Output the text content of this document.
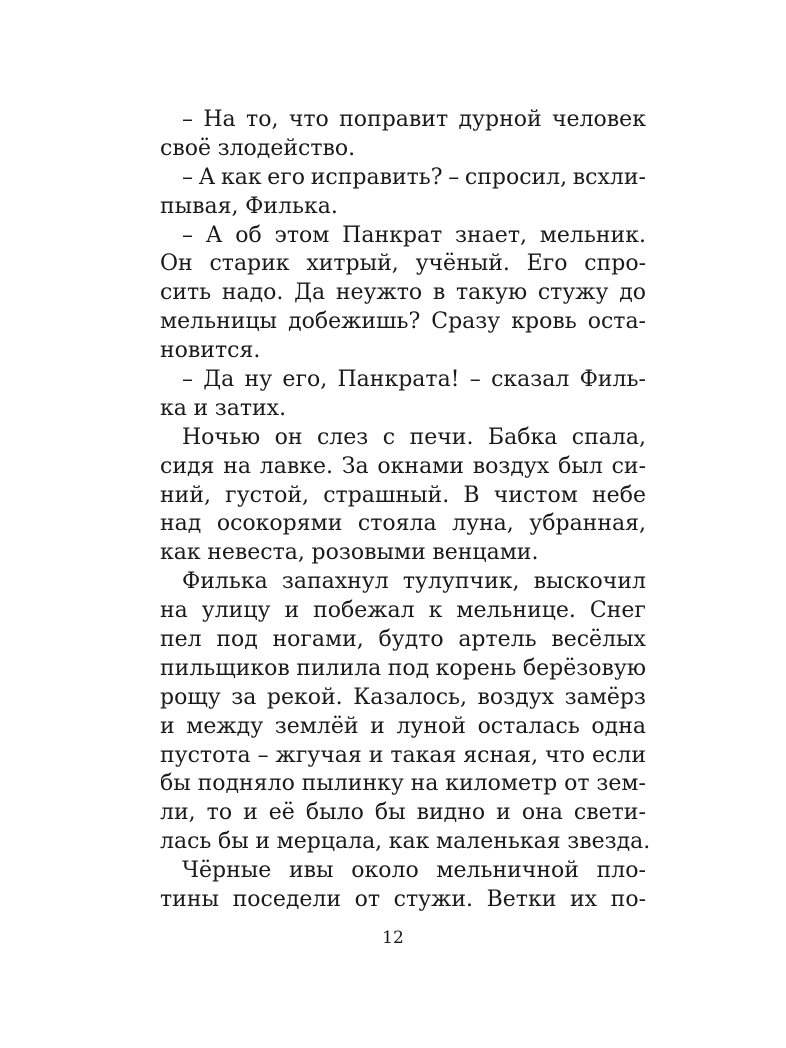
– На то, что поправит дурной человек
своё злодейство.
– А как его исправить? – спросил, всхли-
пывая, Филька.
– А об этом Панкрат знает, мельник.
Он старик хитрый, учёный. Его спро-
сить надо. Да неужто в такую стужу до
мельницы добежишь? Сразу кровь оста-
новится.
– Да ну его, Панкрата! – сказал Филь-
ка и затих.
Ночью он слез с печи. Бабка спала,
сидя на лавке. За окнами воздух был си-
ний, густой, страшный. В чистом небе
над осокорями стояла луна, убранная,
как невеста, розовыми венцами.
Филька запахнул тулупчик, выскочил
на улицу и побежал к мельнице. Снег
пел под ногами, будто артель весёлых
пильщиков пилила под корень берёзовую
рощу за рекой. Казалось, воздух замёрз
и между землёй и луной осталась одна
пустота – жгучая и такая ясная, что если
бы подняло пылинку на километр от зем-
ли, то и её было бы видно и она свети-
лась бы и мерцала, как маленькая звезда.
Чёрные ивы около мельничной пло-
тины поседели от стужи. Ветки их по-
12
